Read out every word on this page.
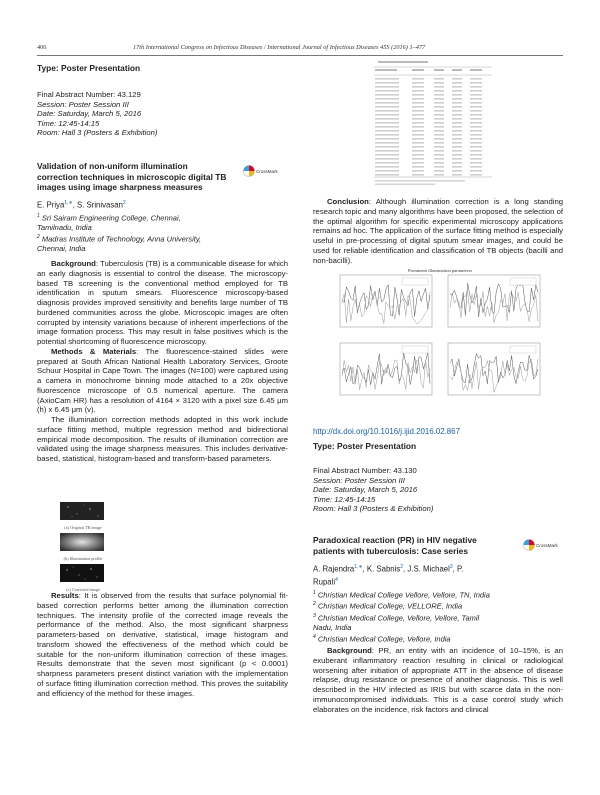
406	17th International Congress on Infectious Diseases / International Journal of Infectious Diseases 45S (2016) 1–477
Type: Poster Presentation
Final Abstract Number: 43.129
Session: Poster Session III
Date: Saturday, March 5, 2016
Time: 12:45-14:15
Room: Hall 3 (Posters & Exhibition)
Validation of non-uniform illumination
correction techniques in microscopic digital TB
images using image sharpness measures
CrossMark
E. Priya$^{1,∗}$, S. Srinivasan$^2$
$^1$ Sri Sairam Engineering College, Chennai,
Tamilnadu, India
$^2$ Madras Institute of Technology, Anna University,
Chennai, India

Background: Tuberculosis (TB) is a communicable disease for which an early diagnosis is essential to control the disease. The microscopy-based TB screening is the conventional method employed for TB identification in sputum smears. Fluorescence microscopy-based diagnosis provides improved sensitivity and benefits large number of TB burdened communities across the globe. Microscopic images are often corrupted by intensity variations because of inherent imperfections of the image formation process. This may result in false positives which is the potential shortcoming of fluorescence microscopy.

Methods & Materials: The fluorescence-stained slides were prepared at South African National Health Laboratory Services, Groote Schuur Hospital in Cape Town. The images (N=100) were captured using a camera in monochrome binning mode attached to a 20x objective fluorescence microscope of 0.5 numerical aperture. The camera (AxioCam HR) has a resolution of 4164 × 3120 with a pixel size 6.45 μm (h) x 6.45 μm (v).

The illumination correction methods adopted in this work include surface fitting method, multiple regression method and bidirectional empirical mode decomposition. The results of illumination correction are validated using the image sharpness measures. This includes derivative-based, statistical, histogram-based and transform-based parameters.

(a) Original TB image
(b) Illumination profile
(c) Corrected image

Results: It is observed from the results that surface polynomial fit-based correction performs better among the illumination correction techniques. The intensity profile of the corrected image reveals the performance of the method. Also, the most significant sharpness parameters-based on derivative, statistical, image histogram and transform showed the effectiveness of the method which could be suitable for the non-uniform illumination correction of these images. Results demonstrate that the seven most significant (p < 0.0001) sharpness parameters present distinct variation with the implementation of surface fitting illumination correction method. This proves the suitability and efficiency of the method for these images.

Conclusion: Although illumination correction is a long standing research topic and many algorithms have been proposed, the selection of the optimal algorithm for specific experimental microscopy applications remains ad hoc. The application of the surface fitting method is especially useful in pre-processing of digital sputum smear images, and could be used for reliable identification and classification of TB objects (bacilli and non-bacilli).

Prominent illumination parameters
http://dx.doi.org/10.1016/j.ijid.2016.02.867
Type: Poster Presentation
Final Abstract Number: 43.130
Session: Poster Session III
Date: Saturday, March 5, 2016
Time: 12:45-14:15
Room: Hall 3 (Posters & Exhibition)
Paradoxical reaction (PR) in HIV negative
patients with tuberculosis: Case series
CrossMark
A. Rajendra$^{1,∗}$, K. Sabnis$^2$, J.S. Michael$^3$, P.
Rupali$^4$
$^1$ Christian Medical College Vellore, Vellore, TN, India
$^2$ Christian Medical College, VELLORE, India
$^3$ Christian Medical College, Vellore, Vellore, Tamil
Nadu, India
$^4$ Christian Medical College, Vellore, India

Background: PR, an entity with an incidence of 10–15%, is an exuberant inflammatory reaction resulting in clinical or radiological worsening after initiation of appropriate ATT in the absence of disease relapse, drug resistance or presence of another diagnosis. This is well described in the HIV infected as IRIS but with scarce data in the non-immunocompromised individuals. This is a case control study which elaborates on the incidence, risk factors and clinical
